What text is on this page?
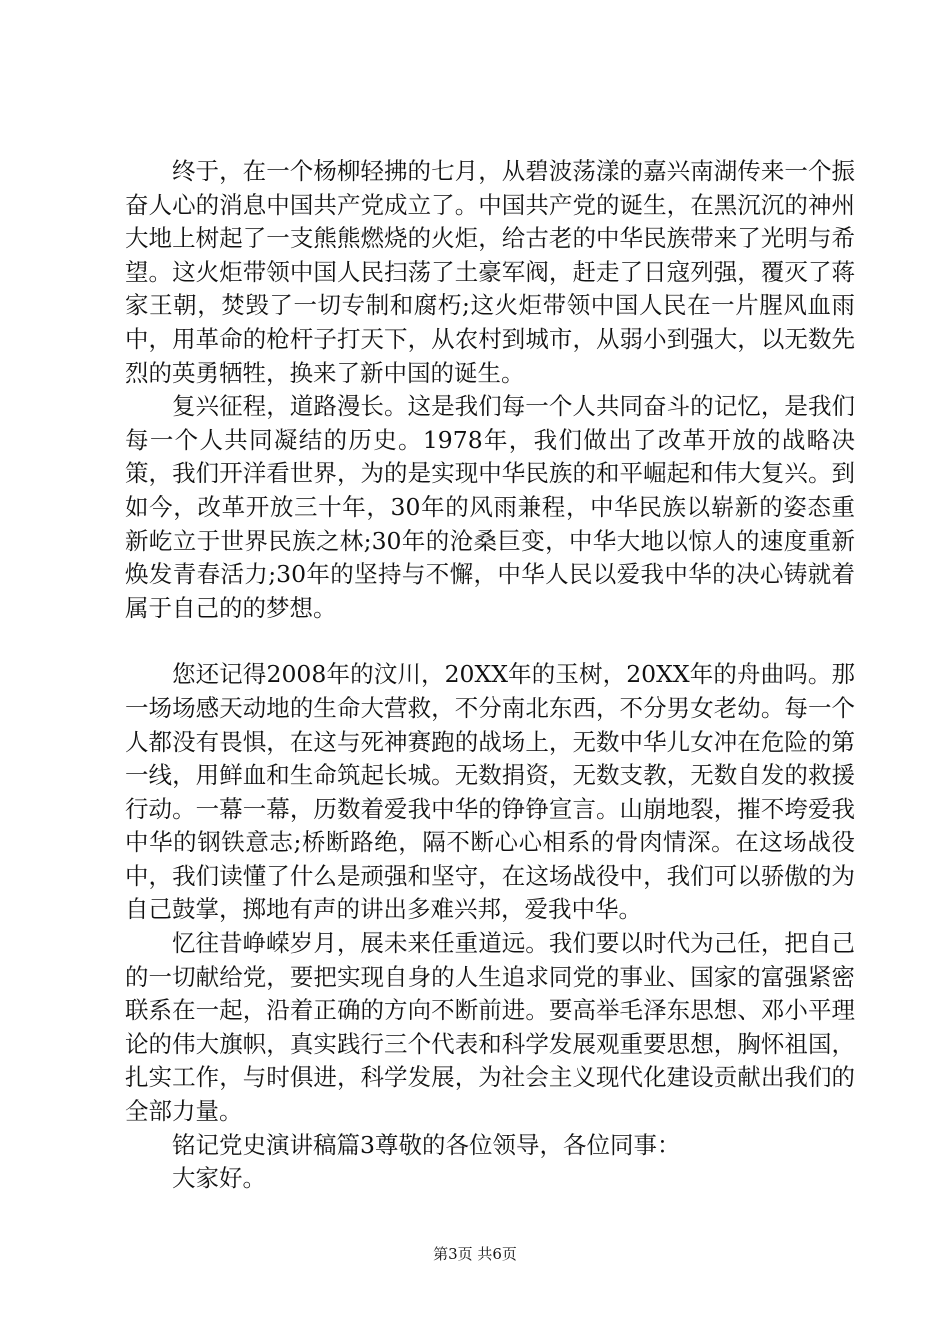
终于，在一个杨柳轻拂的七月，从碧波荡漾的嘉兴南湖传来一个振奋人心的消息中国共产党成立了。中国共产党的诞生，在黑沉沉的神州大地上树起了一支熊熊燃烧的火炬，给古老的中华民族带来了光明与希望。这火炬带领中国人民扫荡了土豪军阀，赶走了日寇列强，覆灭了蒋家王朝，焚毁了一切专制和腐朽;这火炬带领中国人民在一片腥风血雨中，用革命的枪杆子打天下，从农村到城市，从弱小到强大，以无数先烈的英勇牺牲，换来了新中国的诞生。

复兴征程，道路漫长。这是我们每一个人共同奋斗的记忆，是我们每一个人共同凝结的历史。1978年，我们做出了改革开放的战略决策，我们开洋看世界，为的是实现中华民族的和平崛起和伟大复兴。到如今，改革开放三十年，30年的风雨兼程，中华民族以崭新的姿态重新屹立于世界民族之林;30年的沧桑巨变，中华大地以惊人的速度重新焕发青春活力;30年的坚持与不懈，中华人民以爱我中华的决心铸就着属于自己的的梦想。

您还记得2008年的汶川，20XX年的玉树，20XX年的舟曲吗。那一场场感天动地的生命大营救，不分南北东西，不分男女老幼。每一个人都没有畏惧，在这与死神赛跑的战场上，无数中华儿女冲在危险的第一线，用鲜血和生命筑起长城。无数捐资，无数支教，无数自发的救援行动。一幕一幕，历数着爱我中华的铮铮宣言。山崩地裂，摧不垮爱我中华的钢铁意志;桥断路绝，隔不断心心相系的骨肉情深。在这场战役中，我们读懂了什么是顽强和坚守，在这场战役中，我们可以骄傲的为自己鼓掌，掷地有声的讲出多难兴邦，爱我中华。

忆往昔峥嵘岁月，展未来任重道远。我们要以时代为己任，把自己的一切献给党，要把实现自身的人生追求同党的事业、国家的富强紧密联系在一起，沿着正确的方向不断前进。要高举毛泽东思想、邓小平理论的伟大旗帜，真实践行三个代表和科学发展观重要思想，胸怀祖国，扎实工作，与时俱进，科学发展，为社会主义现代化建设贡献出我们的全部力量。

铭记党史演讲稿篇3尊敬的各位领导，各位同事：

大家好。

第3页 共6页
